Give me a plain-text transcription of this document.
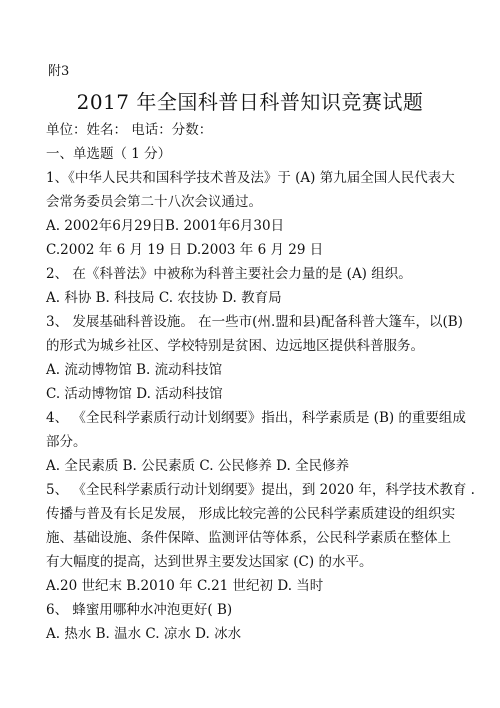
附3
2017 年全国科普日科普知识竞赛试题
单位：姓名： 电话：分数：
一、单选题（ 1 分）
1、《中华人民共和国科学技术普及法》于 (A) 第九届全国人民代表大
会常务委员会第二十八次会议通过。
A. 2002年6月29日B. 2001年6月30日
C.2002 年 6 月 19 日 D.2003 年 6 月 29 日
2、 在《科普法》中被称为科普主要社会力量的是 (A) 组织。
A. 科协 B. 科技局 C. 农技协 D. 教育局
3、 发展基础科普设施。 在一些市(州.盟和县)配备科普大篷车，以(B)
的形式为城乡社区、学校特别是贫困、边远地区提供科普服务。
A. 流动博物馆 B. 流动科技馆
C. 活动博物馆 D. 活动科技馆
4、 《全民科学素质行动计划纲要》指出，科学素质是 (B) 的重要组成
部分。
A. 全民素质 B. 公民素质 C. 公民修养 D. 全民修养
5、 《全民科学素质行动计划纲要》提出，到 2020 年，科学技术教育 .
传播与普及有长足发展， 形成比较完善的公民科学素质建设的组织实
施、基础设施、条件保障、监测评估等体系，公民科学素质在整体上
有大幅度的提高，达到世界主要发达国家 (C) 的水平。
A.20 世纪末 B.2010 年 C.21 世纪初 D. 当时
6、 蜂蜜用哪种水冲泡更好( B)
A. 热水 B. 温水 C. 凉水 D. 冰水
